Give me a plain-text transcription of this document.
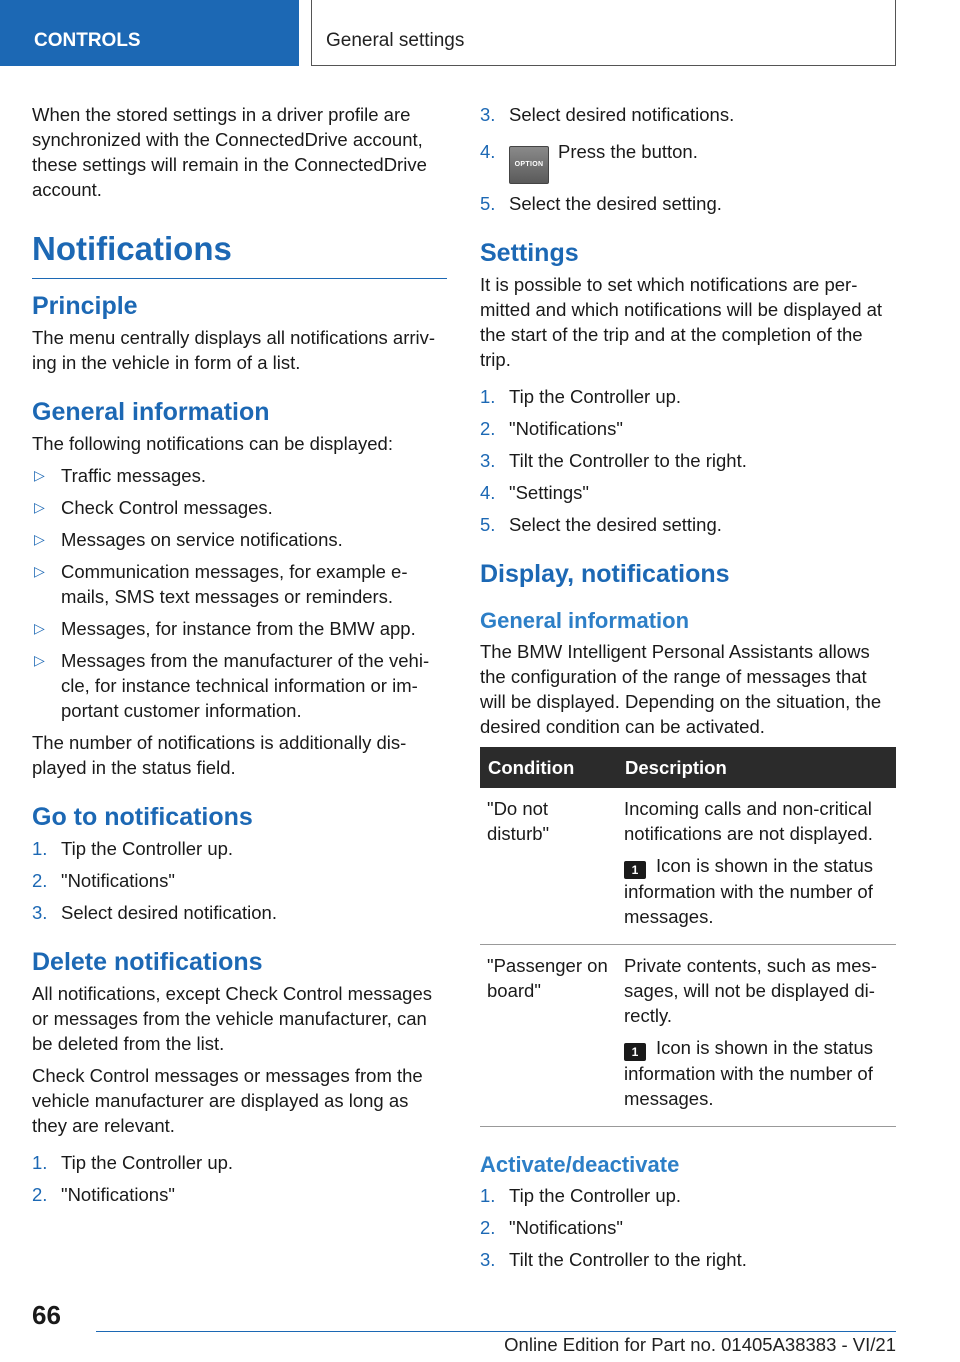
CONTROLS	General settings

When the stored settings in a driver profile are synchronized with the ConnectedDrive account, these settings will remain in the ConnectedDrive account.

Notifications
Principle

The menu centrally displays all notifications arriv-ing in the vehicle in form of a list.

General information

The following notifications can be displayed:

▷ Traffic messages.
▷ Check Control messages.
▷ Messages on service notifications.
▷ Communication messages, for example e-mails, SMS text messages or reminders.
▷ Messages, for instance from the BMW app.
▷ Messages from the manufacturer of the vehi-cle, for instance technical information or im-portant customer information.

The number of notifications is additionally dis-played in the status field.

Go to notifications
1. Tip the Controller up.
2. "Notifications"
3. Select desired notification.
Delete notifications

All notifications, except Check Control messages or messages from the vehicle manufacturer, can be deleted from the list.

Check Control messages or messages from the vehicle manufacturer are displayed as long as they are relevant.

1. Tip the Controller up.
2. "Notifications"
3. Select desired notifications.
4.
OPTIONPress the button.
5. Select the desired setting.
Settings

It is possible to set which notifications are per-mitted and which notifications will be displayed at the start of the trip and at the completion of the trip.

1. Tip the Controller up.
2. "Notifications"
3. Tilt the Controller to the right.
4. "Settings"
5. Select the desired setting.
Display, notifications
General information

The BMW Intelligent Personal Assistants allows the configuration of the range of messages that will be displayed. Depending on the situation, the desired condition can be activated.

Condition	Description
"Do not disturb"	Incoming calls and non-critical notifications are not displayed.

1 Icon is shown in the status information with the number of messages.

"Passenger on board"	Private contents, such as mes-sages, will not be displayed di-rectly.

1 Icon is shown in the status information with the number of messages.

Activate/deactivate
1. Tip the Controller up.
2. "Notifications"
3. Tilt the Controller to the right.
66
Online Edition for Part no. 01405A38383 - VI/21
